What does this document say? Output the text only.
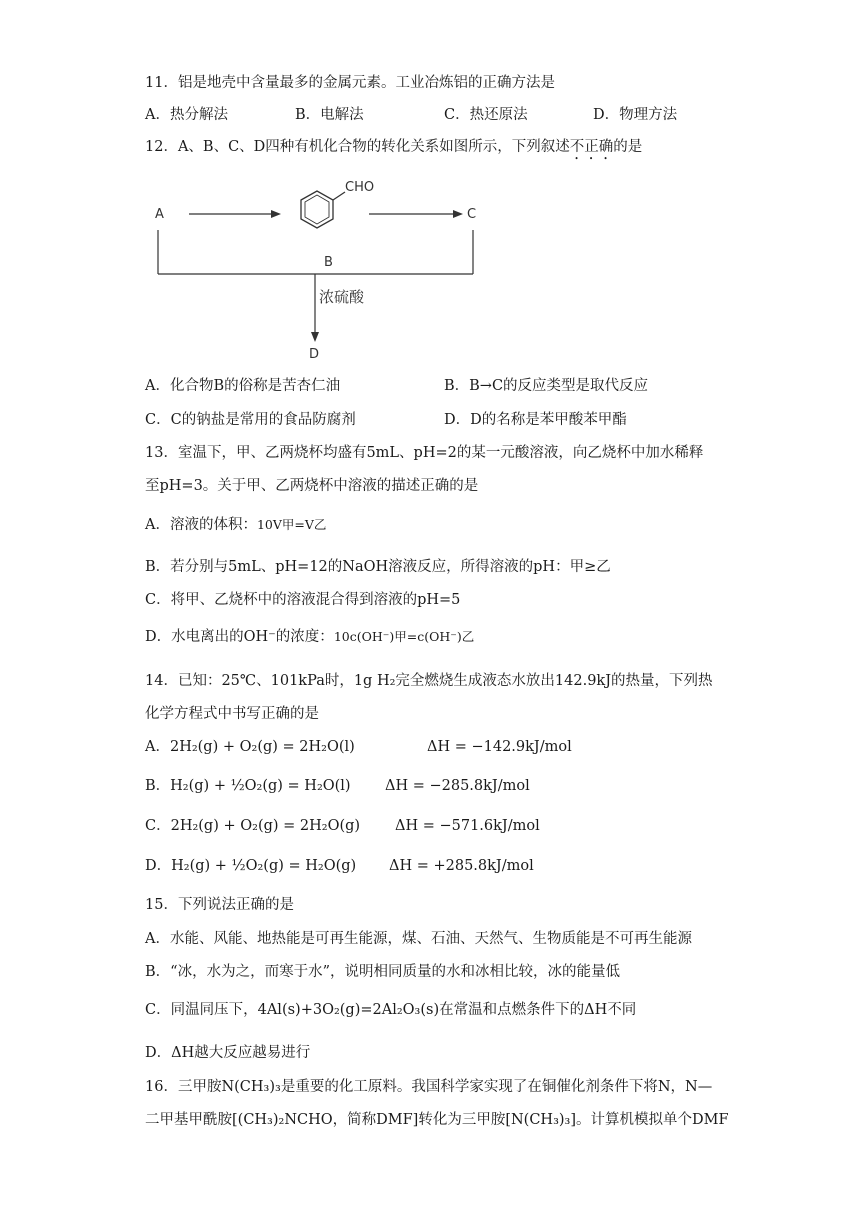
11．铝是地壳中含量最多的金属元素。工业冶炼铝的正确方法是
A．热分解法	B．电解法	C．热还原法	D．物理方法
12．A、B、C、D四种有机化合物的转化关系如图所示，下列叙述不正确的是
A
CHO
C
B
浓硫酸
D
A．化合物B的俗称是苦杏仁油	B．B→C的反应类型是取代反应
C．C的钠盐是常用的食品防腐剂	D．D的名称是苯甲酸苯甲酯
13．室温下，甲、乙两烧杯均盛有5mL、pH=2的某一元酸溶液，向乙烧杯中加水稀释
至pH=3。关于甲、乙两烧杯中溶液的描述正确的是
A．溶液的体积：10V甲=V乙
B．若分别与5mL、pH=12的NaOH溶液反应，所得溶液的pH：甲≥乙
C．将甲、乙烧杯中的溶液混合得到溶液的pH=5
D．水电离出的OH⁻的浓度：10c(OH⁻)甲=c(OH⁻)乙
14．已知：25℃、101kPa时，1g H₂完全燃烧生成液态水放出142.9kJ的热量，下列热
化学方程式中书写正确的是
A．2H₂(g) + O₂(g) = 2H₂O(l)	ΔH = −142.9kJ/mol
B．H₂(g) + ½O₂(g) = H₂O(l) ΔH = −285.8kJ/mol
C．2H₂(g) + O₂(g) = 2H₂O(g) ΔH = −571.6kJ/mol
D．H₂(g) + ½O₂(g) = H₂O(g) ΔH = +285.8kJ/mol
15．下列说法正确的是
A．水能、风能、地热能是可再生能源，煤、石油、天然气、生物质能是不可再生能源
B．“冰，水为之，而寒于水”，说明相同质量的水和冰相比较，冰的能量低
C．同温同压下，4Al(s)+3O₂(g)=2Al₂O₃(s)在常温和点燃条件下的ΔH不同
D．ΔH越大反应越易进行
16．三甲胺N(CH₃)₃是重要的化工原料。我国科学家实现了在铜催化剂条件下将N，N—
二甲基甲酰胺[(CH₃)₂NCHO，简称DMF]转化为三甲胺[N(CH₃)₃]。计算机模拟单个DMF
